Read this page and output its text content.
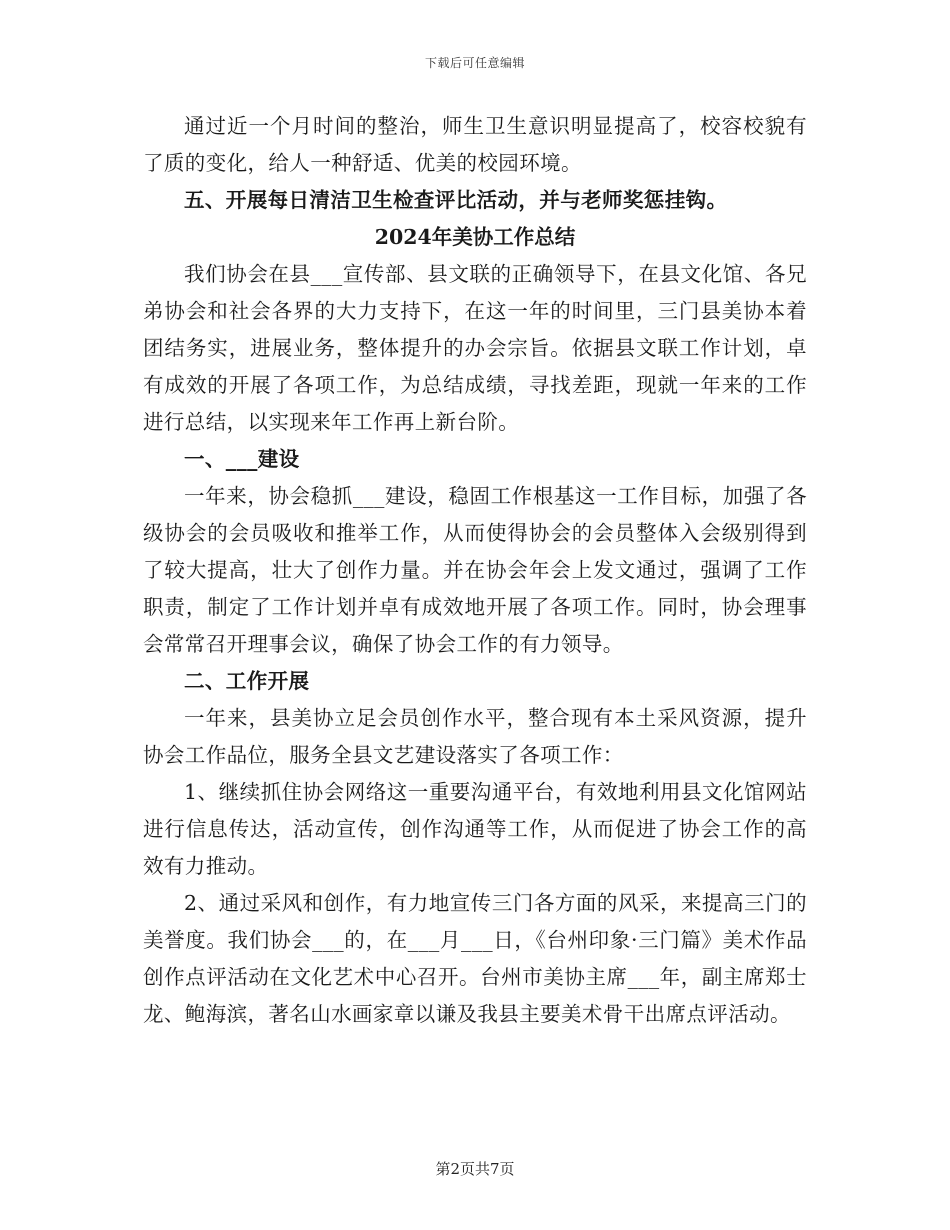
下载后可任意编辑

通过近一个月时间的整治，师生卫生意识明显提高了，校容校貌有了质的变化，给人一种舒适、优美的校园环境。

五、开展每日清洁卫生检查评比活动，并与老师奖惩挂钩。

2024年美协工作总结

我们协会在县___宣传部、县文联的正确领导下，在县文化馆、各兄弟协会和社会各界的大力支持下，在这一年的时间里，三门县美协本着团结务实，进展业务，整体提升的办会宗旨。依据县文联工作计划，卓有成效的开展了各项工作，为总结成绩，寻找差距，现就一年来的工作进行总结，以实现来年工作再上新台阶。

一、___建设

一年来，协会稳抓___建设，稳固工作根基这一工作目标，加强了各级协会的会员吸收和推举工作，从而使得协会的会员整体入会级别得到了较大提高，壮大了创作力量。并在协会年会上发文通过，强调了工作职责，制定了工作计划并卓有成效地开展了各项工作。同时，协会理事会常常召开理事会议，确保了协会工作的有力领导。

二、工作开展

一年来，县美协立足会员创作水平，整合现有本土采风资源，提升协会工作品位，服务全县文艺建设落实了各项工作：

1、继续抓住协会网络这一重要沟通平台，有效地利用县文化馆网站进行信息传达，活动宣传，创作沟通等工作，从而促进了协会工作的高效有力推动。

2、通过采风和创作，有力地宣传三门各方面的风采，来提高三门的美誉度。我们协会___的，在___月___日，《台州印象·三门篇》美术作品创作点评活动在文化艺术中心召开。台州市美协主席___年，副主席郑士龙、鲍海滨，著名山水画家章以谦及我县主要美术骨干出席点评活动。

第2页共7页
